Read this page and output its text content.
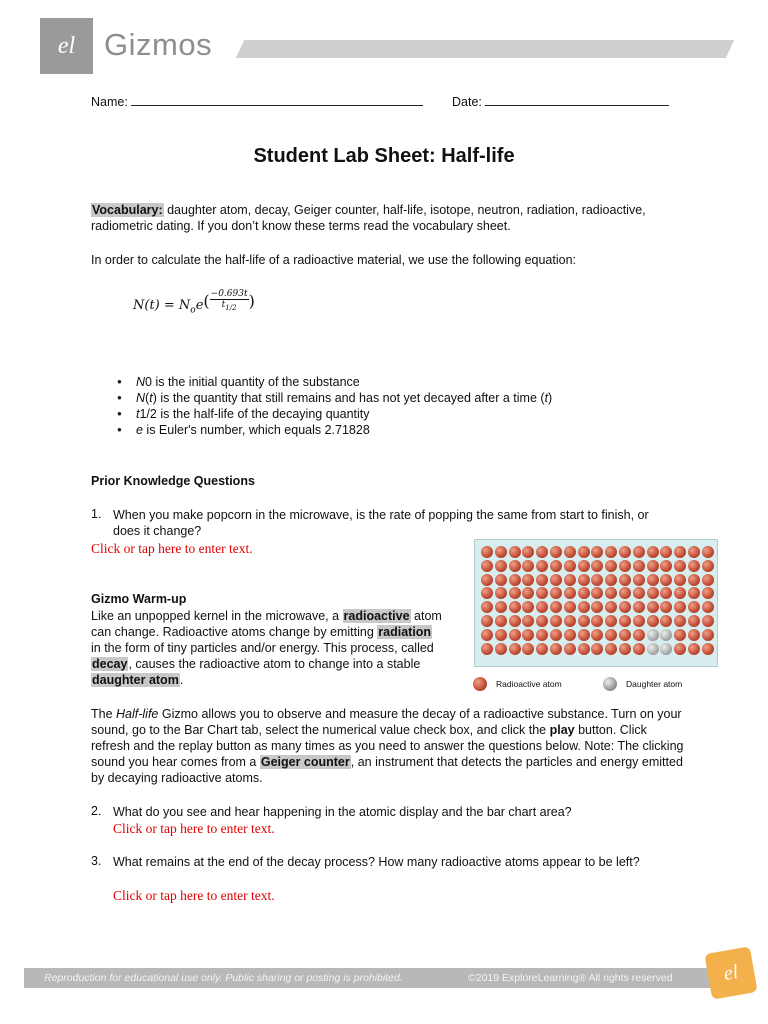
el Gizmos
Name:	Date:
Student Lab Sheet: Half-life

Vocabulary: daughter atom, decay, Geiger counter, half-life, isotope, neutron, radiation, radioactive, radiometric dating. If you don’t know these terms read the vocabulary sheet.

In order to calculate the half-life of a radioactive material, we use the following equation:

$N(t) = N_oe( \frac{-0.693t}{t_{1/2}}$ )
● N0 is the initial quantity of the substance
● N(t) is the quantity that still remains and has not yet decayed after a time (t)
● t1/2 is the half-life of the decaying quantity
● e is Euler's number, which equals 2.71828
Prior Knowledge Questions
1. When you make popcorn in the microwave, is the rate of popping the same from start to finish, or does it change?

Click or tap here to enter text.
Gizmo Warm-up

Like an unpopped kernel in the microwave, a radioactive atom can change. Radioactive atoms change by emitting radiation in the form of tiny particles and/or energy. This process, called decay, causes the radioactive atom to change into a stable daughter atom.	Radioactive atom	Daughter atom

The Half-life Gizmo allows you to observe and measure the decay of a radioactive substance. Turn on your sound, go to the Bar Chart tab, select the numerical value check box, and click the play button. Click refresh and the replay button as many times as you need to answer the questions below. Note: The clicking sound you hear comes from a Geiger counter, an instrument that detects the particles and energy emitted by decaying radioactive atoms.

2. What do you see and hear happening in the atomic display and the bar chart area?

Click or tap here to enter text.
3. What remains at the end of the decay process? How many radioactive atoms appear to be left?

Click or tap here to enter text.
Reproduction for educational use only. Public sharing or posting is prohibited.	©2019 ExploreLearning® All rights reserved el
